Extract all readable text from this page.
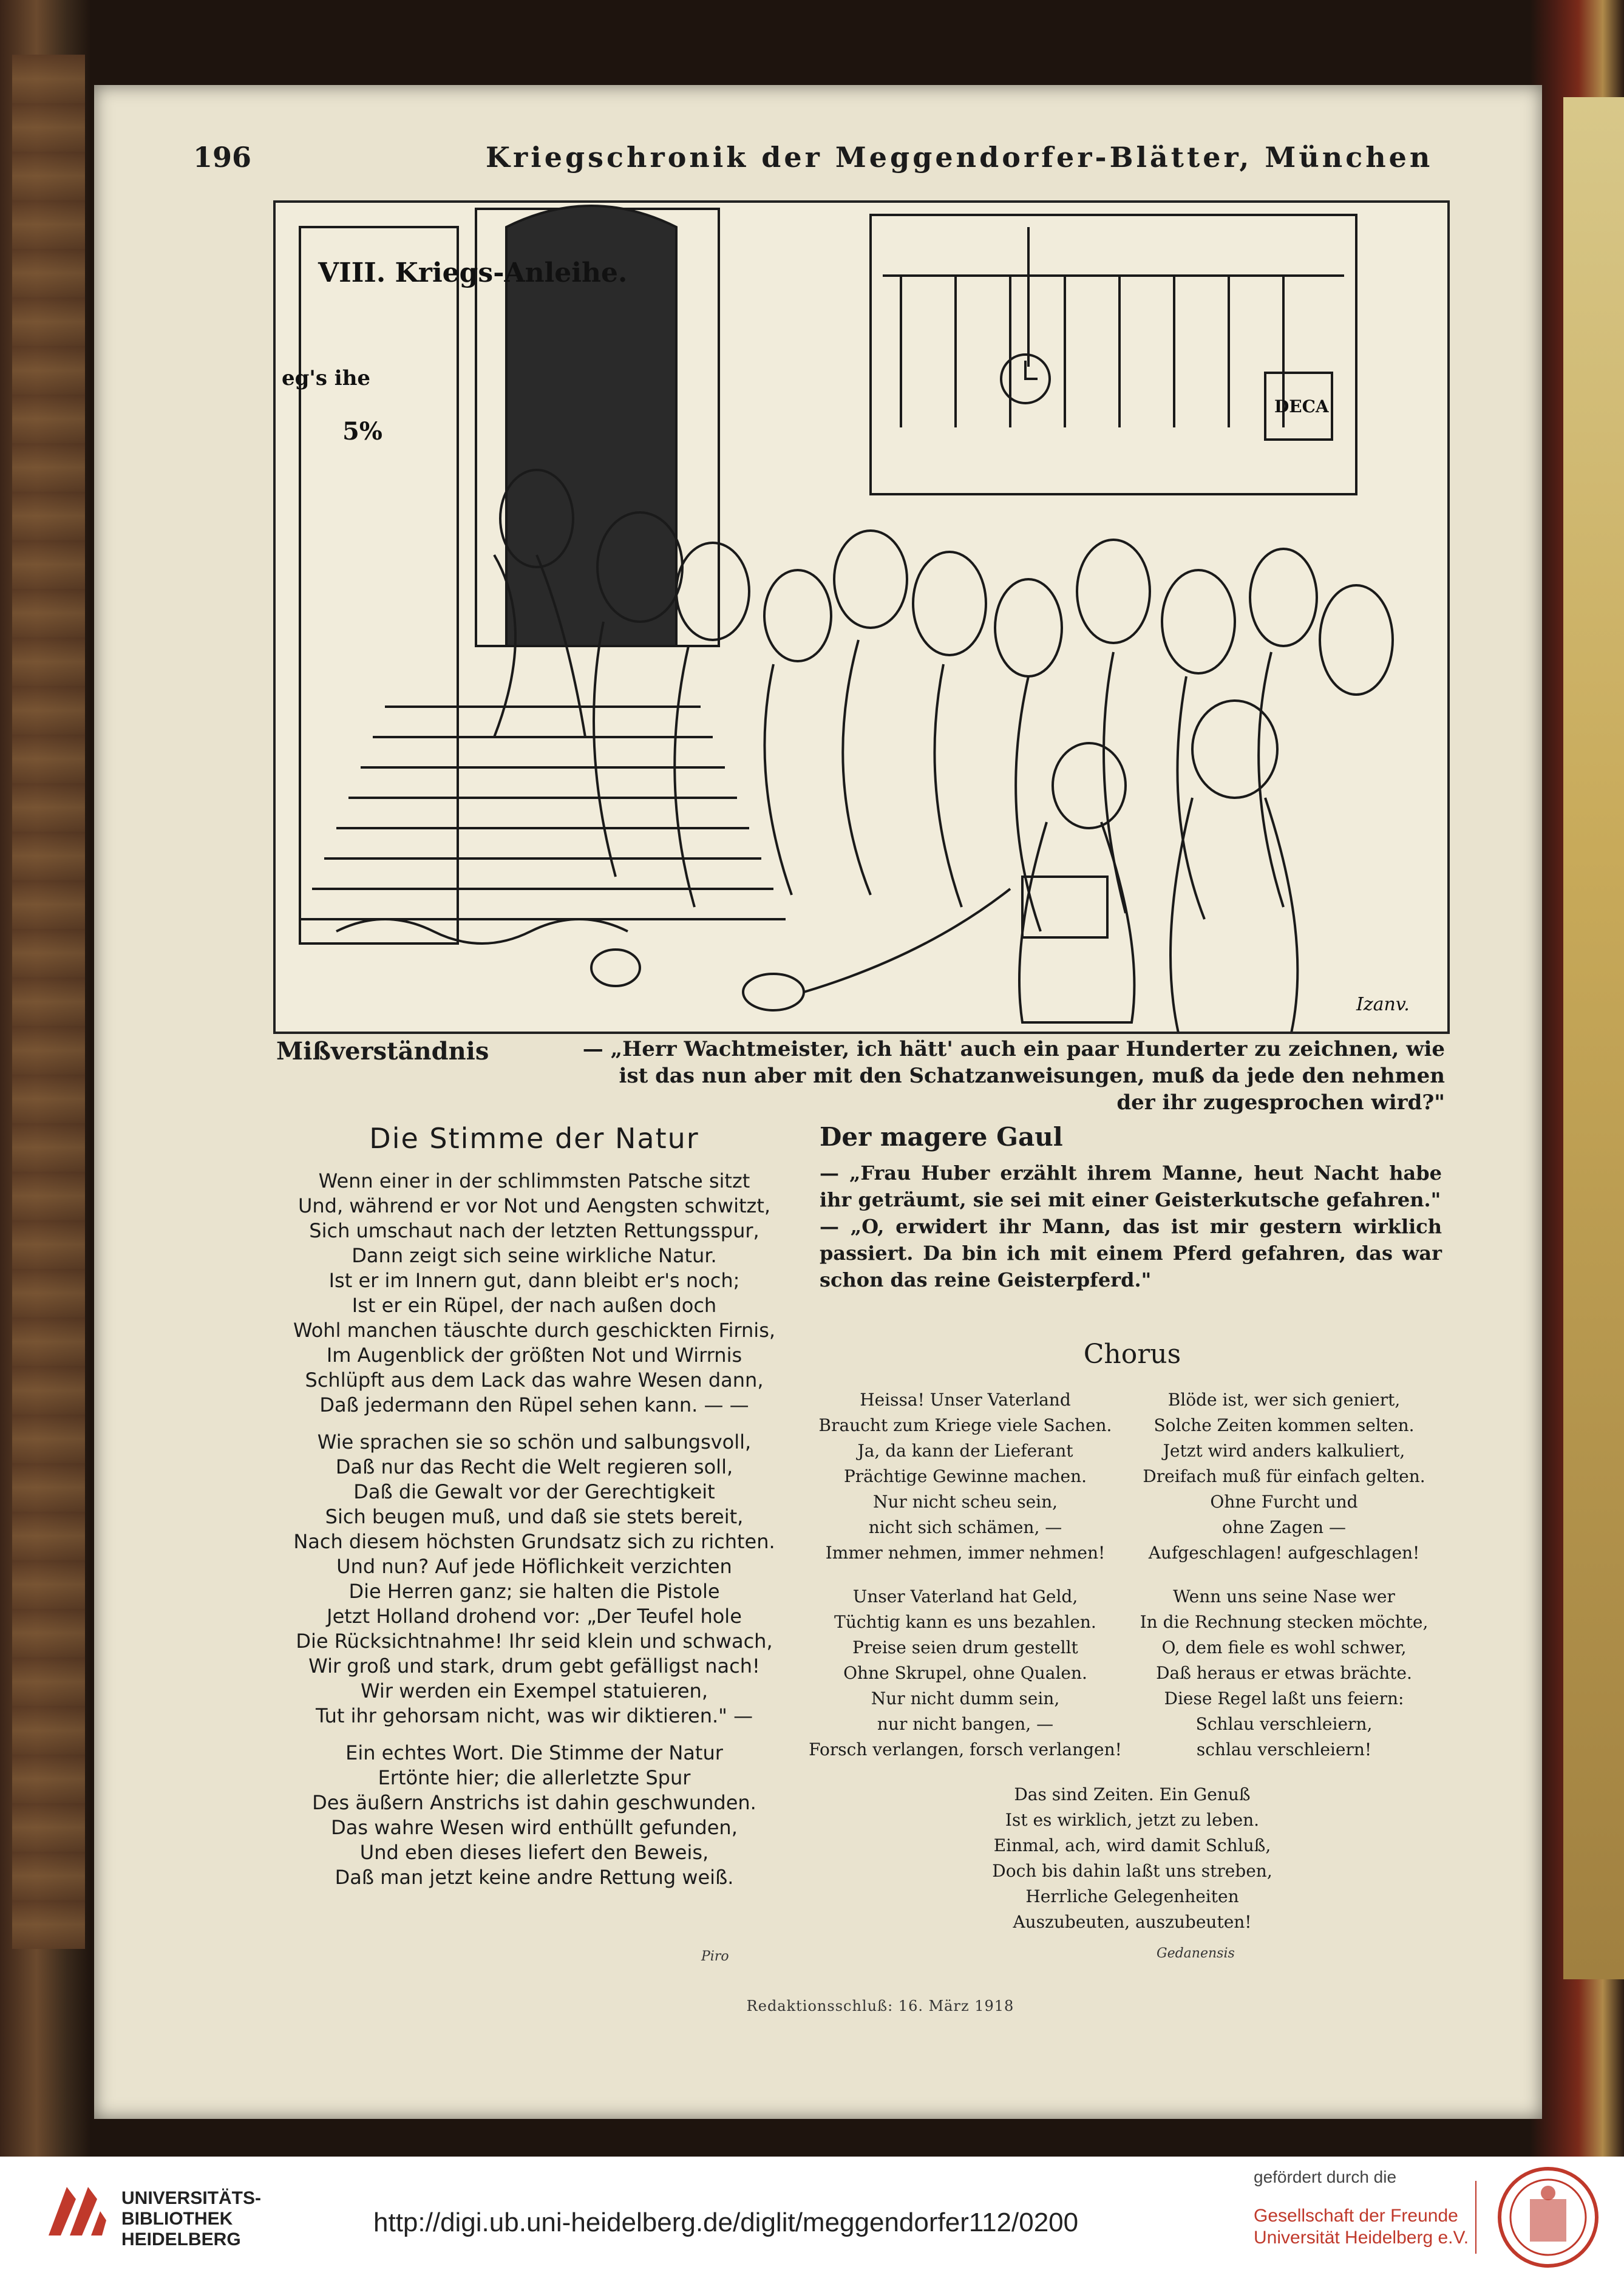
196	Kriegschronik der Meggendorfer-Blätter, München
VIII. Kriegs-Anleihe.
5%
eg's ihe
DECA
Izanv.
Mißverständnis	— „Herr Wachtmeister, ich hätt' auch ein paar Hunderter zu zeichnen, wie ist das nun aber mit den Schatzanweisungen, muß da jede den nehmen der ihr zugesprochen wird?"
Die Stimme der Natur
Wenn einer in der schlimmsten Patsche sitzt
Und, während er vor Not und Aengsten schwitzt,
Sich umschaut nach der letzten Rettungsspur,
Dann zeigt sich seine wirkliche Natur.
Ist er im Innern gut, dann bleibt er's noch;
Ist er ein Rüpel, der nach außen doch
Wohl manchen täuschte durch geschickten Firnis,
Im Augenblick der größten Not und Wirrnis
Schlüpft aus dem Lack das wahre Wesen dann,
Daß jedermann den Rüpel sehen kann. — —
Wie sprachen sie so schön und salbungsvoll,
Daß nur das Recht die Welt regieren soll,
Daß die Gewalt vor der Gerechtigkeit
Sich beugen muß, und daß sie stets bereit,
Nach diesem höchsten Grundsatz sich zu richten.
Und nun? Auf jede Höflichkeit verzichten
Die Herren ganz; sie halten die Pistole
Jetzt Holland drohend vor: „Der Teufel hole
Die Rücksichtnahme! Ihr seid klein und schwach,
Wir groß und stark, drum gebt gefälligst nach!
Wir werden ein Exempel statuieren,
Tut ihr gehorsam nicht, was wir diktieren." —
Ein echtes Wort. Die Stimme der Natur
Ertönte hier; die allerletzte Spur
Des äußern Anstrichs ist dahin geschwunden.
Das wahre Wesen wird enthüllt gefunden,
Und eben dieses liefert den Beweis,
Daß man jetzt keine andre Rettung weiß.
Piro
Der magere Gaul
— „Frau Huber erzählt ihrem Manne, heut Nacht habe ihr geträumt, sie sei mit einer Geisterkutsche gefahren."
— „O, erwidert ihr Mann, das ist mir gestern wirklich passiert. Da bin ich mit einem Pferd gefahren, das war schon das reine Geisterpferd."
Chorus
Heissa! Unser Vaterland
Braucht zum Kriege viele Sachen.
Ja, da kann der Lieferant
Prächtige Gewinne machen.
Nur nicht scheu sein,
nicht sich schämen, —
Immer nehmen, immer nehmen!
Unser Vaterland hat Geld,
Tüchtig kann es uns bezahlen.
Preise seien drum gestellt
Ohne Skrupel, ohne Qualen.
Nur nicht dumm sein,
nur nicht bangen, —
Forsch verlangen, forsch verlangen!
Blöde ist, wer sich geniert,
Solche Zeiten kommen selten.
Jetzt wird anders kalkuliert,
Dreifach muß für einfach gelten.
Ohne Furcht und
ohne Zagen —
Aufgeschlagen! aufgeschlagen!
Wenn uns seine Nase wer
In die Rechnung stecken möchte,
O, dem fiele es wohl schwer,
Daß heraus er etwas brächte.
Diese Regel laßt uns feiern:
Schlau verschleiern,
schlau verschleiern!
Das sind Zeiten. Ein Genuß
Ist es wirklich, jetzt zu leben.
Einmal, ach, wird damit Schluß,
Doch bis dahin laßt uns streben,
Herrliche Gelegenheiten
Auszubeuten, auszubeuten!
Gedanensis
Redaktionsschluß: 16. März 1918
UNIVERSITÄTS-
BIBLIOTHEK
HEIDELBERG
http://digi.ub.uni-heidelberg.de/diglit/meggendorfer112/0200
gefördert durch die
Gesellschaft der Freunde
Universität Heidelberg e.V.
